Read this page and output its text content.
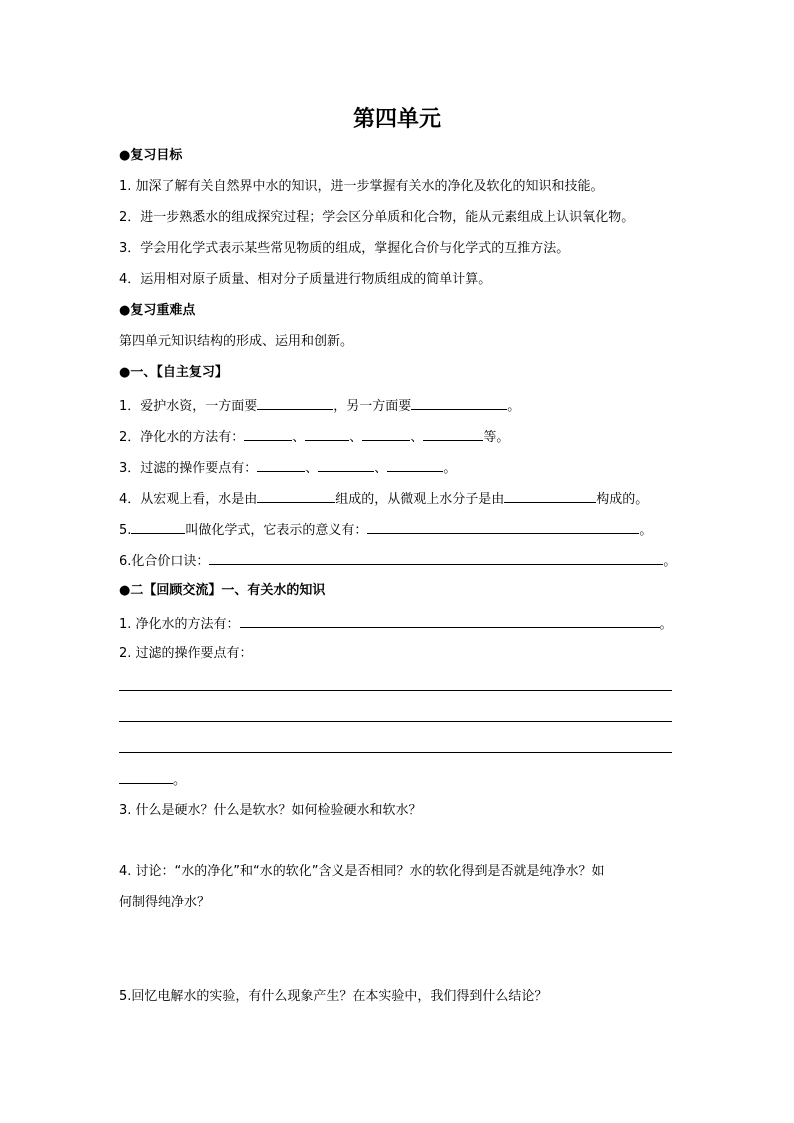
第四单元
●复习目标
1. 加深了解有关自然界中水的知识，进一步掌握有关水的净化及软化的知识和技能。
2．进一步熟悉水的组成探究过程；学会区分单质和化合物，能从元素组成上认识氧化物。
3．学会用化学式表示某些常见物质的组成，掌握化合价与化学式的互推方法。
4．运用相对原子质量、相对分子质量进行物质组成的简单计算。
●复习重难点
第四单元知识结构的形成、运用和创新。
●一、【自主复习】
1．爱护水资，一方面要	，另一方面要	。
2．净化水的方法有：	、	、	、	等。
3．过滤的操作要点有：	、	、	。
4．从宏观上看，水是由	组成的，从微观上水分子是由	构成的。
5.	叫做化学式，它表示的意义有：	。
6.化合价口诀：	。
●二【回顾交流】一、有关水的知识
1. 净化水的方法有：	。
2. 过滤的操作要点有：
。
3. 什么是硬水？什么是软水？如何检验硬水和软水？
4. 讨论：“水的净化”和“水的软化”含义是否相同？水的软化得到是否就是纯净水？如
何制得纯净水？
5.回忆电解水的实验，有什么现象产生？在本实验中，我们得到什么结论？
